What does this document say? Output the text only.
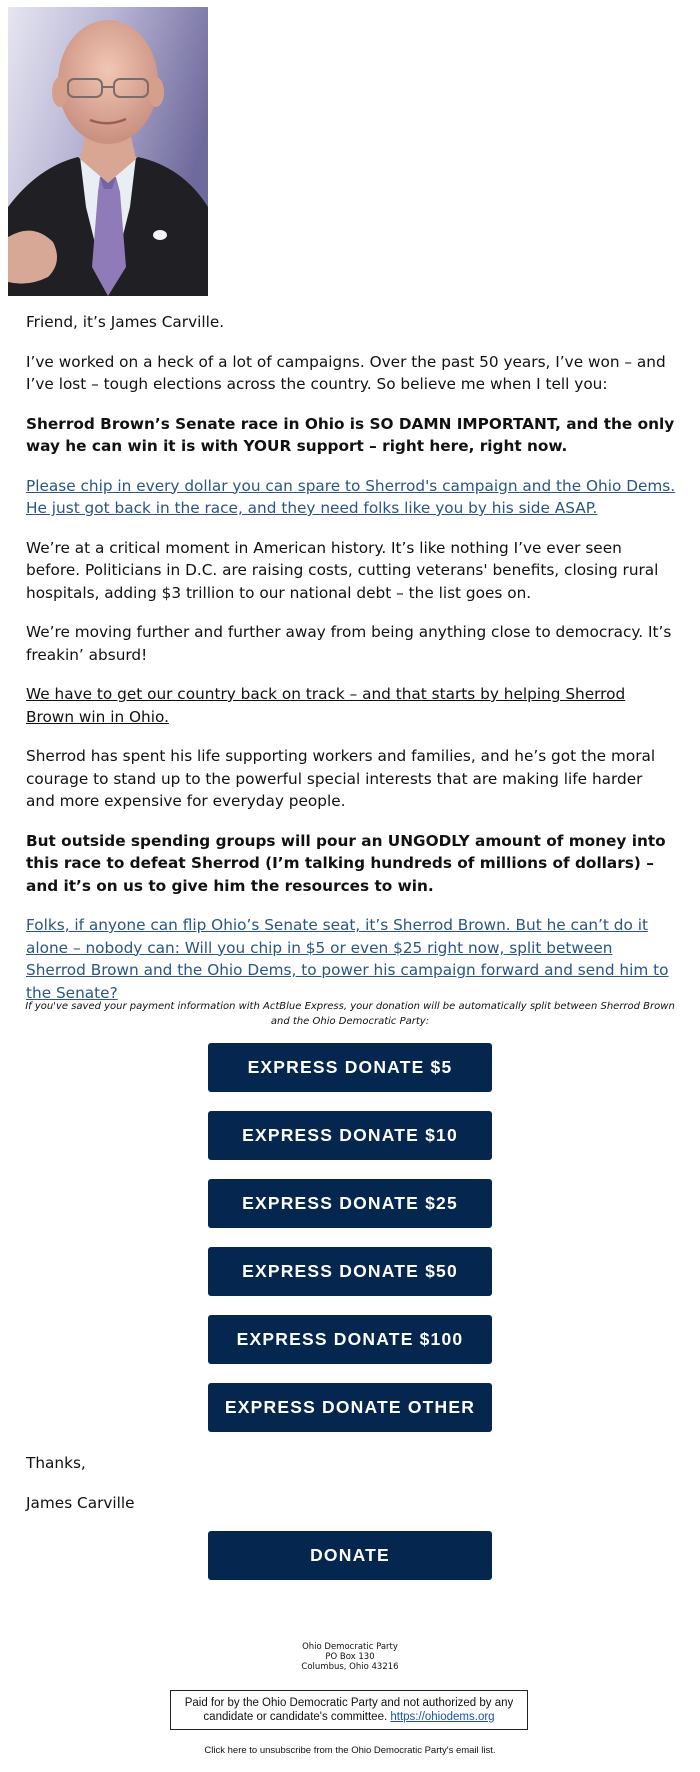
Friend, it’s James Carville.

I’ve worked on a heck of a lot of campaigns. Over the past 50 years, I’ve won – and I’ve lost – tough elections across the country. So believe me when I tell you:

Sherrod Brown’s Senate race in Ohio is SO DAMN IMPORTANT, and the only way he can win it is with YOUR support – right here, right now.

Please chip in every dollar you can spare to Sherrod's campaign and the Ohio Dems. He just got back in the race, and they need folks like you by his side ASAP.

We’re at a critical moment in American history. It’s like nothing I’ve ever seen before. Politicians in D.C. are raising costs, cutting veterans' benefits, closing rural hospitals, adding $3 trillion to our national debt – the list goes on.

We’re moving further and further away from being anything close to democracy. It’s freakin’ absurd!

We have to get our country back on track – and that starts by helping Sherrod Brown win in Ohio.

Sherrod has spent his life supporting workers and families, and he’s got the moral courage to stand up to the powerful special interests that are making life harder and more expensive for everyday people.

But outside spending groups will pour an UNGODLY amount of money into this race to defeat Sherrod (I’m talking hundreds of millions of dollars) – and it’s on us to give him the resources to win.

Folks, if anyone can flip Ohio’s Senate seat, it’s Sherrod Brown. But he can’t do it alone – nobody can: Will you chip in $5 or even $25 right now, split between Sherrod Brown and the Ohio Dems, to power his campaign forward and send him to the Senate?

If you've saved your payment information with ActBlue Express, your donation will be automatically split between Sherrod Brown and the Ohio Democratic Party:
EXPRESS DONATE $5
EXPRESS DONATE $10
EXPRESS DONATE $25
EXPRESS DONATE $50
EXPRESS DONATE $100
EXPRESS DONATE OTHER
Thanks,
James Carville
DONATE
Ohio Democratic Party
PO Box 130
Columbus, Ohio 43216
Paid for by the Ohio Democratic Party and not authorized by any candidate or candidate's committee. https://ohiodems.org
Click here to unsubscribe from the Ohio Democratic Party's email list.
